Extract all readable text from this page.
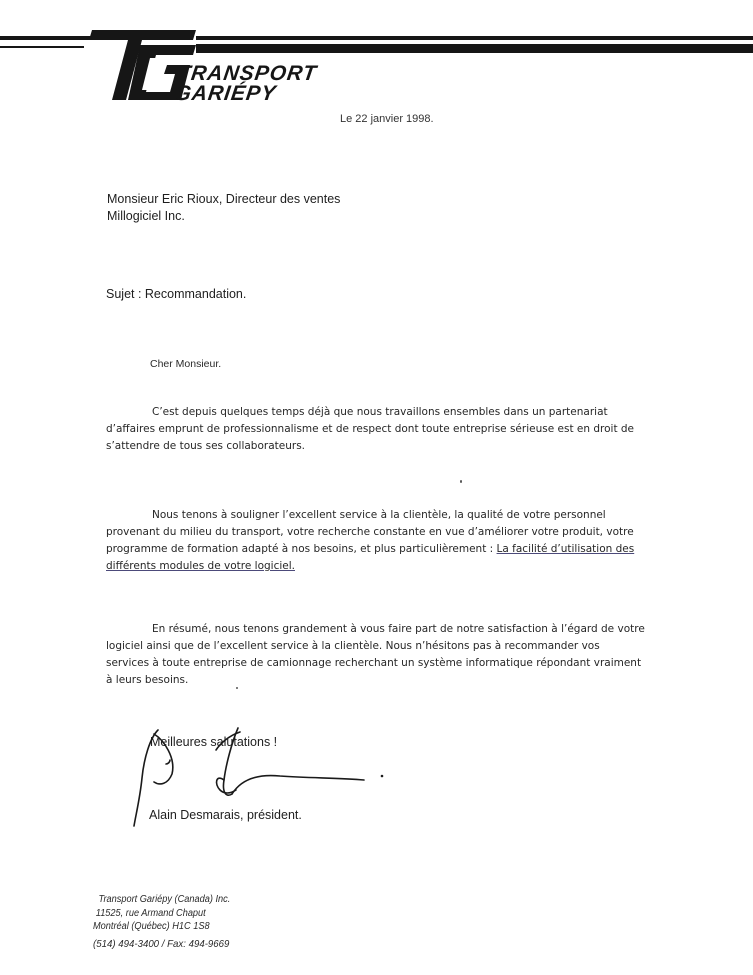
TRANSPORT
GARIÉPY
Le 22 janvier 1998.
Monsieur Eric Rioux, Directeur des ventes
Millogiciel Inc.
Sujet : Recommandation.
Cher Monsieur.
C’est depuis quelques temps déjà que nous travaillons ensembles dans un partenariat d’affaires emprunt de professionnalisme et de respect dont toute entreprise sérieuse est en droit de s’attendre de tous ses collaborateurs.
Nous tenons à souligner l’excellent service à la clientèle, la qualité de votre personnel provenant du milieu du transport, votre recherche constante en vue d’améliorer votre produit, votre programme de formation adapté à nos besoins, et plus particulièrement : La facilité d’utilisation des différents modules de votre logiciel.
En résumé, nous tenons grandement à vous faire part de notre satisfaction à l’égard de votre logiciel ainsi que de l’excellent service à la clientèle. Nous n’hésitons pas à recommander vos services à toute entreprise de camionnage recherchant un système informatique répondant vraiment à leurs besoins.
Meilleures salutations !
Alain Desmarais, président.
Transport Gariépy (Canada) Inc.
11525, rue Armand Chaput
Montréal (Québec) H1C 1S8
(514) 494-3400 / Fax: 494-9669
